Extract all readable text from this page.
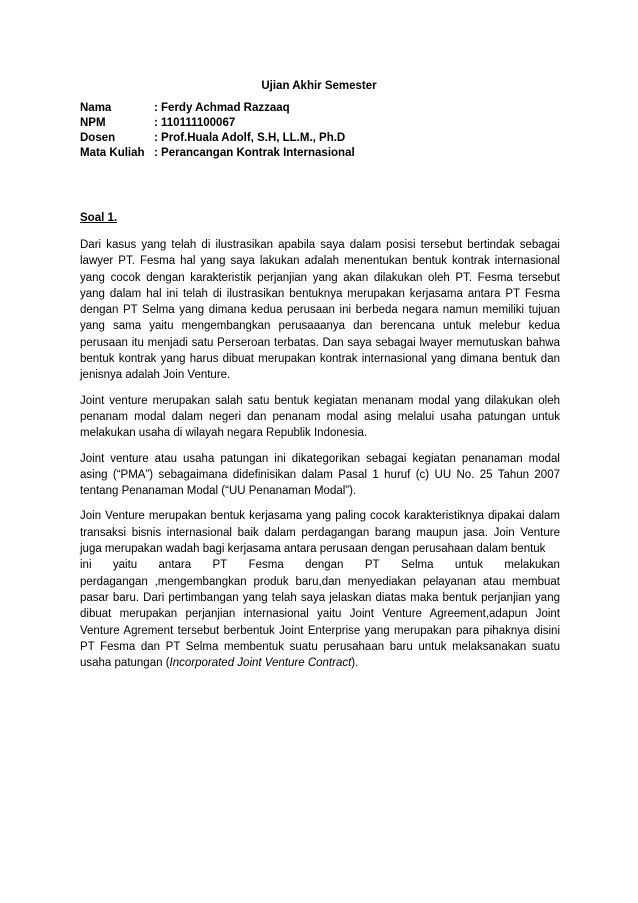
Ujian Akhir Semester
Nama	: Ferdy Achmad Razzaaq
NPM	: 110111100067
Dosen	: Prof.Huala Adolf, S.H, LL.M., Ph.D
Mata Kuliah : Perancangan Kontrak Internasional
Soal 1.

Dari kasus yang telah di ilustrasikan apabila saya dalam posisi tersebut bertindak sebagai lawyer PT. Fesma hal yang saya lakukan adalah menentukan bentuk kontrak internasional yang cocok dengan karakteristik perjanjian yang akan dilakukan oleh PT. Fesma tersebut yang dalam hal ini telah di ilustrasikan bentuknya merupakan kerjasama antara PT Fesma dengan PT Selma yang dimana kedua perusaan ini berbeda negara namun memiliki tujuan yang sama yaitu mengembangkan perusaaanya dan berencana untuk melebur kedua perusaan itu menjadi satu Perseroan terbatas. Dan saya sebagai lwayer memutuskan bahwa bentuk kontrak yang harus dibuat merupakan kontrak internasional yang dimana bentuk dan jenisnya adalah Join Venture.

Joint venture merupakan salah satu bentuk kegiatan menanam modal yang dilakukan oleh penanam modal dalam negeri dan penanam modal asing melalui usaha patungan untuk melakukan usaha di wilayah negara Republik Indonesia.

Joint venture atau usaha patungan ini dikategorikan sebagai kegiatan penanaman modal asing (“PMA”) sebagaimana didefinisikan dalam Pasal 1 huruf (c) UU No. 25 Tahun 2007 tentang Penanaman Modal (“UU Penanaman Modal”).

Join Venture merupakan bentuk kerjasama yang paling cocok karakteristiknya dipakai dalam transaksi bisnis internasional baik dalam perdagangan barang maupun jasa. Join Venture juga merupakan wadah bagi kerjasama antara perusaan dengan perusahaan dalam bentuk
ini yaitu antara PT Fesma dengan PT Selma untuk melakukan
perdagangan ,mengembangkan produk baru,dan menyediakan pelayanan atau membuat pasar baru. Dari pertimbangan yang telah saya jelaskan diatas maka bentuk perjanjian yang dibuat merupakan perjanjian internasional yaitu Joint Venture Agreement,adapun Joint Venture Agrement tersebut berbentuk Joint Enterprise yang merupakan para pihaknya disini PT Fesma dan PT Selma membentuk suatu perusahaan baru untuk melaksanakan suatu usaha patungan (Incorporated Joint Venture Contract).
